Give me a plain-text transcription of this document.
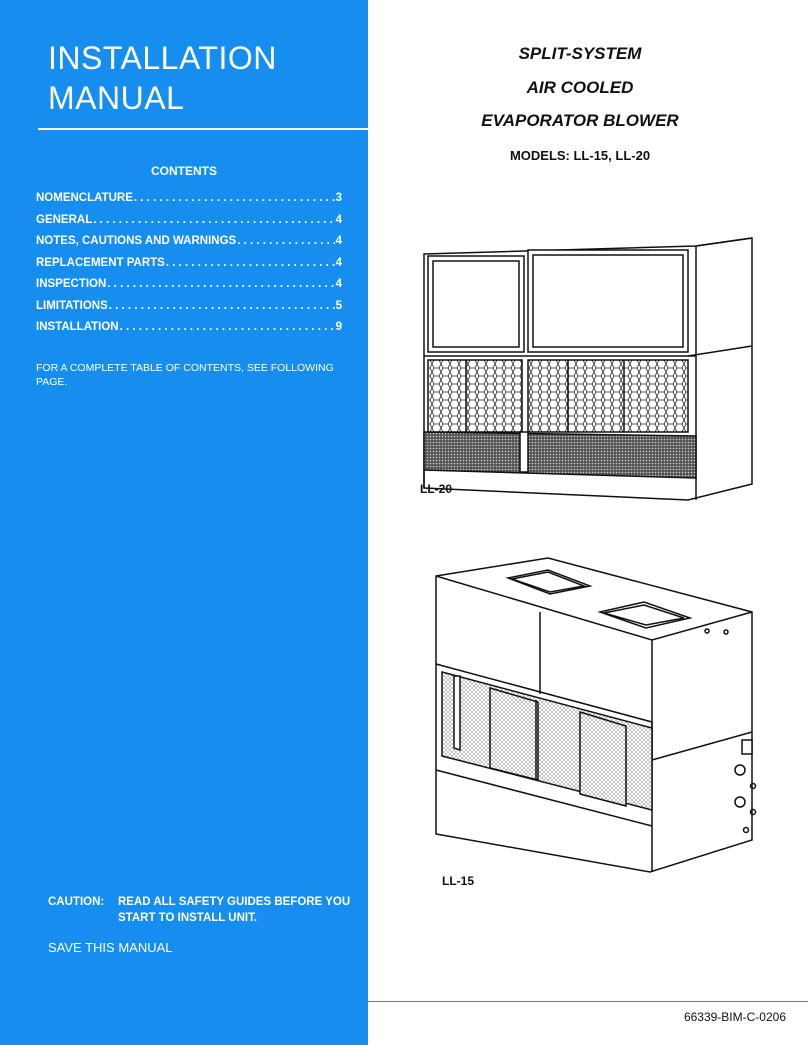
INSTALLATION
MANUAL
CONTENTS
NOMENCLATURE . . .	3
GENERAL . . .	4
NOTES, CAUTIONS AND WARNINGS . . .	4
REPLACEMENT PARTS . . .	4
INSPECTION . . .	4
LIMITATIONS . . .	5
INSTALLATION . . .	9
FOR A COMPLETE TABLE OF CONTENTS, SEE FOLLOWING PAGE.
CAUTION: READ ALL SAFETY GUIDES BEFORE YOU START TO INSTALL UNIT.
SAVE THIS MANUAL
SPLIT-SYSTEM
AIR COOLED
EVAPORATOR BLOWER
MODELS: LL-15, LL-20
LL-20
LL-15
66339-BIM-C-0206
